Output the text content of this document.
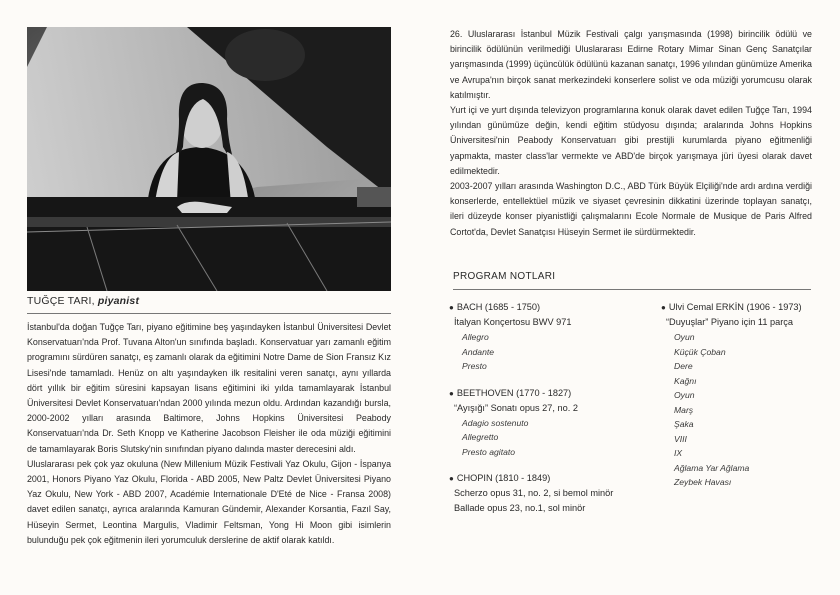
TUĞÇE TARI, piyanist

İstanbul'da doğan Tuğçe Tarı, piyano eğitimine beş yaşındayken İstanbul Üniversitesi Devlet Konservatuarı'nda Prof. Tuvana Alton'un sınıfında başladı. Konservatuar yarı zamanlı eğitim programını sürdüren sanatçı, eş zamanlı olarak da eğitimini Notre Dame de Sion Fransız Kız Lisesi'nde tamamladı. Henüz on altı yaşındayken ilk resitalini veren sanatçı, aynı yıllarda dört yıllık bir eğitim süresini kapsayan lisans eğitimini iki yılda tamamlayarak İstanbul Üniversitesi Devlet Konservatuarı'ndan 2000 yılında mezun oldu. Ardından kazandığı bursla, 2000-2002 yılları arasında Baltimore, Johns Hopkins Üniversitesi Peabody Konservatuarı'nda Dr. Seth Knopp ve Katherine Jacobson Fleisher ile oda müziği eğitimini de tamamlayarak Boris Slutsky'nin sınıfından piyano dalında master derecesini aldı.

Uluslararası pek çok yaz okuluna (New Millenium Müzik Festivali Yaz Okulu, Gijon - İspanya 2001, Honors Piyano Yaz Okulu, Florida - ABD 2005, New Paltz Devlet Üniversitesi Piyano Yaz Okulu, New York - ABD 2007, Académie Internationale D'Eté de Nice - Fransa 2008) davet edilen sanatçı, ayrıca aralarında Kamuran Gündemir, Alexander Korsantia, Fazıl Say, Hüseyin Sermet, Leontina Margulis, Vladimir Feltsman, Yong Hi Moon gibi isimlerin bulunduğu pek çok eğitmenin ileri yorumculuk derslerine de aktif olarak katıldı.

26. Uluslararası İstanbul Müzik Festivali çalgı yarışmasında (1998) birincilik ödülü ve birincilik ödülünün verilmediği Uluslararası Edirne Rotary Mimar Sinan Genç Sanatçılar yarışmasında (1999) üçüncülük ödülünü kazanan sanatçı, 1996 yılından günümüze Amerika ve Avrupa'nın birçok sanat merkezindeki konserlere solist ve oda müziği yorumcusu olarak katılmıştır.

Yurt içi ve yurt dışında televizyon programlarına konuk olarak davet edilen Tuğçe Tarı, 1994 yılından günümüze değin, kendi eğitim stüdyosu dışında; aralarında Johns Hopkins Üniversitesi'nin Peabody Konservatuarı gibi prestijli kurumlarda piyano eğitmenliği yapmakta, master class'lar vermekte ve ABD'de birçok yarışmaya jüri üyesi olarak davet edilmektedir.

2003-2007 yılları arasında Washington D.C., ABD Türk Büyük Elçiliği'nde ardı ardına verdiği konserlerde, entellektüel müzik ve siyaset çevresinin dikkatini üzerinde toplayan sanatçı, ileri düzeyde konser piyanistliği çalışmalarını Ecole Normale de Musique de Paris Alfred Cortot'da, Devlet Sanatçısı Hüseyin Sermet ile sürdürmektedir.

PROGRAM NOTLARI
● BACH (1685 - 1750)
İtalyan Konçertosu BWV 971
Allegro
Andante
Presto
● BEETHOVEN (1770 - 1827)
“Ayışığı” Sonatı opus 27, no. 2
Adagio sostenuto
Allegretto
Presto agitato
● CHOPIN (1810 - 1849)
Scherzo opus 31, no. 2, si bemol minör
Ballade opus 23, no.1, sol minör
● Ulvi Cemal ERKİN (1906 - 1973)
“Duyuşlar” Piyano için 11 parça
Oyun
Küçük Çoban
Dere
Kağnı
Oyun
Marş
Şaka
VIII
IX
Ağlama Yar Ağlama
Zeybek Havası
